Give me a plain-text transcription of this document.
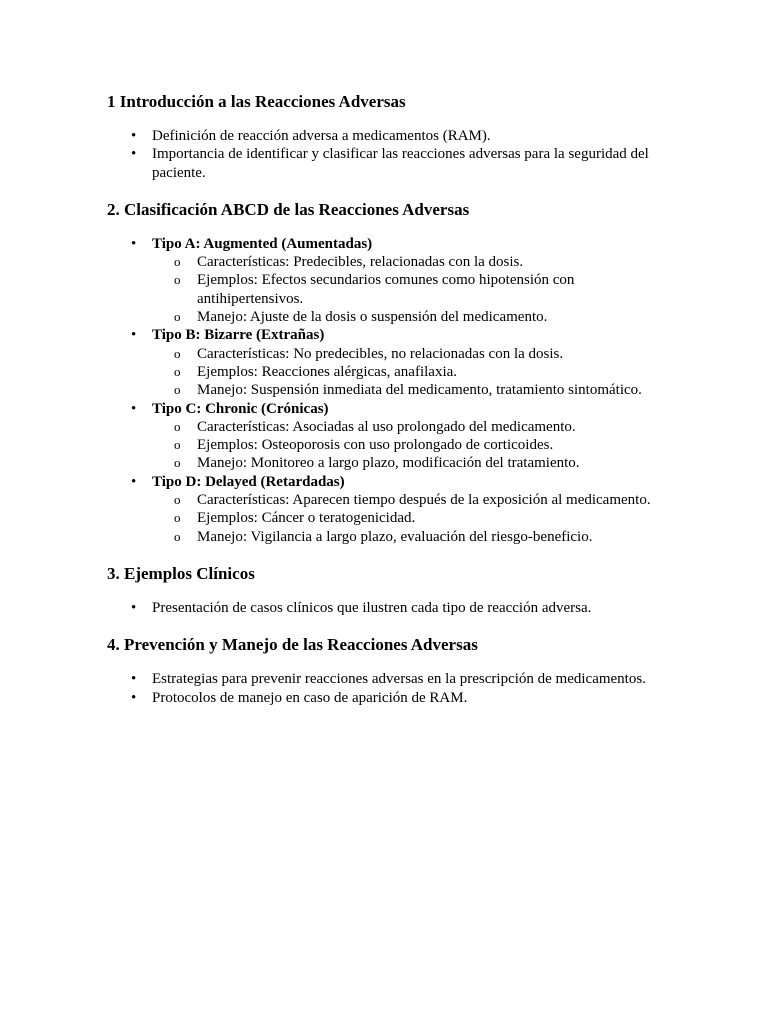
1 Introducción a las Reacciones Adversas
•	Definición de reacción adversa a medicamentos (RAM).
•	Importancia de identificar y clasificar las reacciones adversas para la seguridad del paciente.
2. Clasificación ABCD de las Reacciones Adversas
•	Tipo A: Augmented (Aumentadas)
o Características: Predecibles, relacionadas con la dosis.
o Ejemplos: Efectos secundarios comunes como hipotensión con antihipertensivos.
o Manejo: Ajuste de la dosis o suspensión del medicamento.
•	Tipo B: Bizarre (Extrañas)
o Características: No predecibles, no relacionadas con la dosis.
o Ejemplos: Reacciones alérgicas, anafilaxia.
o Manejo: Suspensión inmediata del medicamento, tratamiento sintomático.
•	Tipo C: Chronic (Crónicas)
o Características: Asociadas al uso prolongado del medicamento.
o Ejemplos: Osteoporosis con uso prolongado de corticoides.
o Manejo: Monitoreo a largo plazo, modificación del tratamiento.
•	Tipo D: Delayed (Retardadas)
o Características: Aparecen tiempo después de la exposición al medicamento.
o Ejemplos: Cáncer o teratogenicidad.
o Manejo: Vigilancia a largo plazo, evaluación del riesgo-beneficio.
3. Ejemplos Clínicos
•	Presentación de casos clínicos que ilustren cada tipo de reacción adversa.
4. Prevención y Manejo de las Reacciones Adversas
•	Estrategias para prevenir reacciones adversas en la prescripción de medicamentos.
•	Protocolos de manejo en caso de aparición de RAM.
